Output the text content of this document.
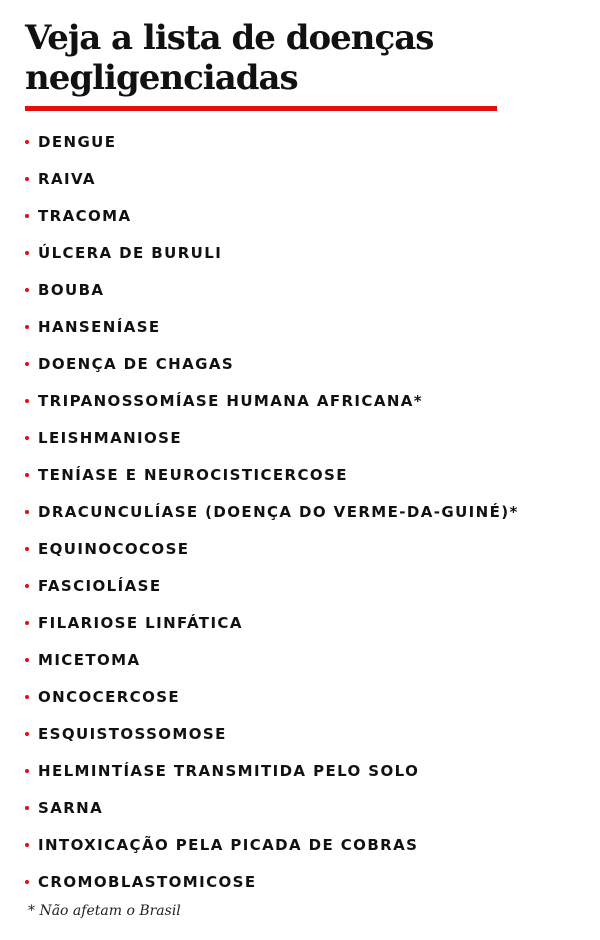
Veja a lista de doenças negligenciadas
DENGUE
RAIVA
TRACOMA
ÚLCERA DE BURULI
BOUBA
HANSENÍASE
DOENÇA DE CHAGAS
TRIPANOSSOMÍASE HUMANA AFRICANA*
LEISHMANIOSE
TENÍASE E NEUROCISTICERCOSE
DRACUNCULÍASE (DOENÇA DO VERME-DA-GUINÉ)*
EQUINOCOCOSE
FASCIOLÍASE
FILARIOSE LINFÁTICA
MICETOMA
ONCOCERCOSE
ESQUISTOSSOMOSE
HELMINTÍASE TRANSMITIDA PELO SOLO
SARNA
INTOXICAÇÃO PELA PICADA DE COBRAS
CROMOBLASTOMICOSE

* Não afetam o Brasil
